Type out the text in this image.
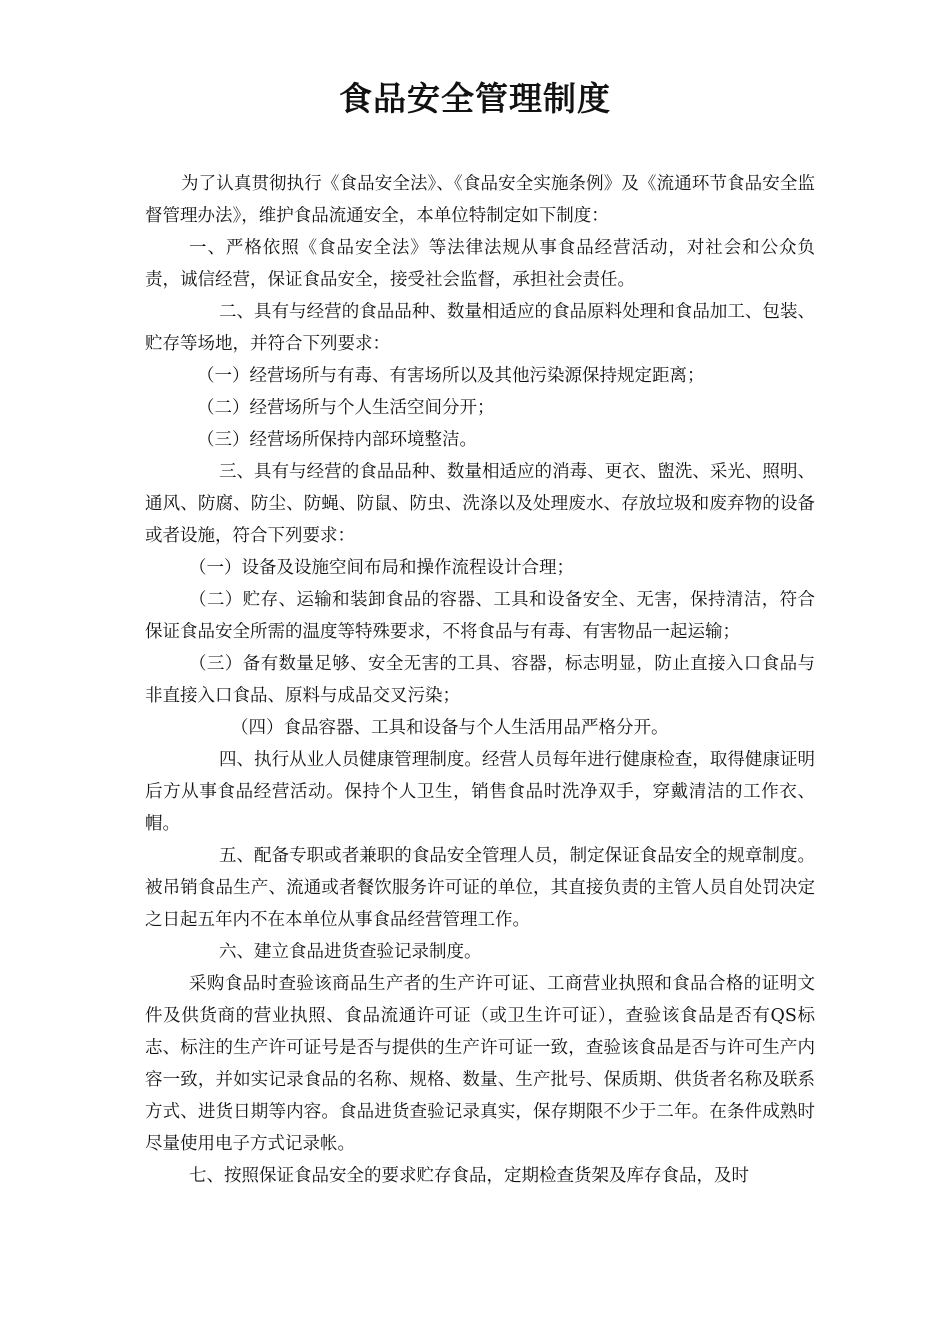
食品安全管理制度

为了认真贯彻执行《食品安全法》、《食品安全实施条例》及《流通环节食品安全监督管理办法》，维护食品流通安全，本单位特制定如下制度：

一、严格依照《食品安全法》等法律法规从事食品经营活动，对社会和公众负责，诚信经营，保证食品安全，接受社会监督，承担社会责任。

二、具有与经营的食品品种、数量相适应的食品原料处理和食品加工、包装、贮存等场地，并符合下列要求：

（一）经营场所与有毒、有害场所以及其他污染源保持规定距离；

（二）经营场所与个人生活空间分开；

（三）经营场所保持内部环境整洁。

三、具有与经营的食品品种、数量相适应的消毒、更衣、盥洗、采光、照明、通风、防腐、防尘、防蝇、防鼠、防虫、洗涤以及处理废水、存放垃圾和废弃物的设备或者设施，符合下列要求：

（一）设备及设施空间布局和操作流程设计合理；

（二）贮存、运输和装卸食品的容器、工具和设备安全、无害，保持清洁，符合保证食品安全所需的温度等特殊要求，不将食品与有毒、有害物品一起运输；

（三）备有数量足够、安全无害的工具、容器，标志明显，防止直接入口食品与非直接入口食品、原料与成品交叉污染；

（四）食品容器、工具和设备与个人生活用品严格分开。

四、执行从业人员健康管理制度。经营人员每年进行健康检查，取得健康证明后方从事食品经营活动。保持个人卫生，销售食品时洗净双手，穿戴清洁的工作衣、帽。

五、配备专职或者兼职的食品安全管理人员，制定保证食品安全的规章制度。被吊销食品生产、流通或者餐饮服务许可证的单位，其直接负责的主管人员自处罚决定之日起五年内不在本单位从事食品经营管理工作。

六、建立食品进货查验记录制度。

采购食品时查验该商品生产者的生产许可证、工商营业执照和食品合格的证明文件及供货商的营业执照、食品流通许可证（或卫生许可证），查验该食品是否有QS标志、标注的生产许可证号是否与提供的生产许可证一致，查验该食品是否与许可生产内容一致，并如实记录食品的名称、规格、数量、生产批号、保质期、供货者名称及联系方式、进货日期等内容。食品进货查验记录真实，保存期限不少于二年。在条件成熟时尽量使用电子方式记录帐。

七、按照保证食品安全的要求贮存食品，定期检查货架及库存食品，及时
